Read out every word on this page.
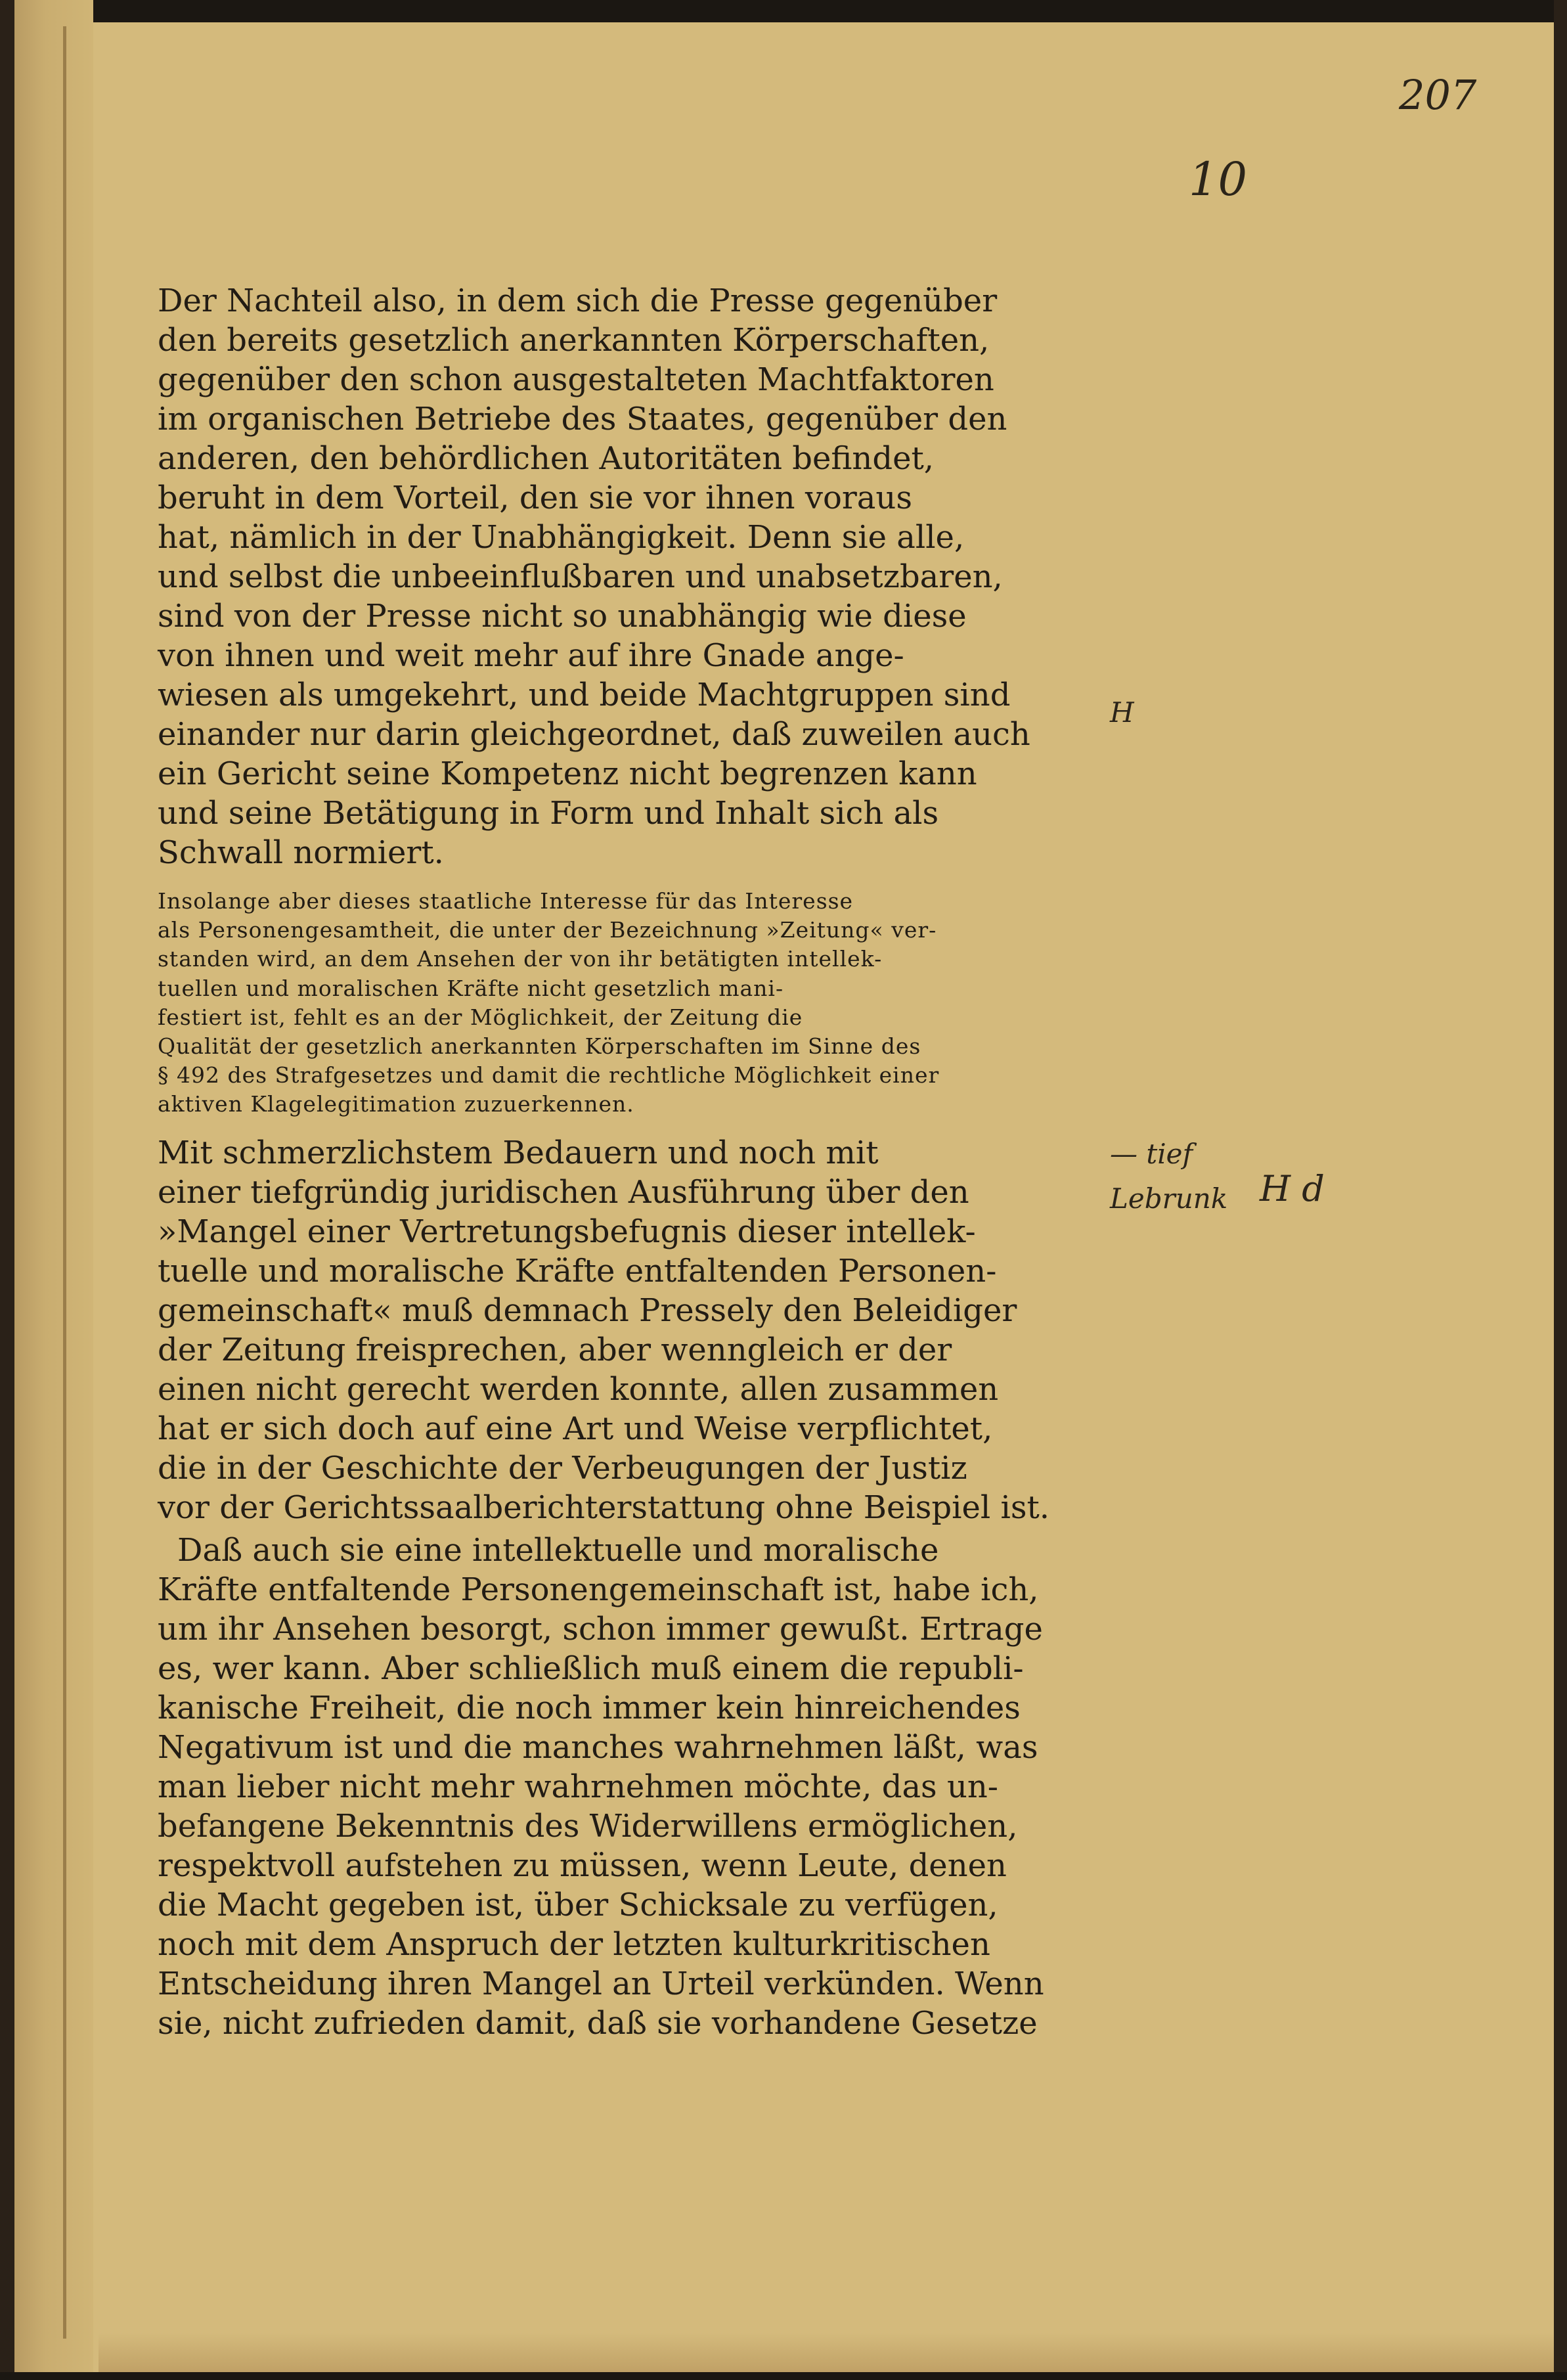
207
10
H
— tief
Lebrunk H d
Der Nachteil also, in dem sich die Presse gegenüber
den bereits gesetzlich anerkannten Körperschaften,
gegenüber den schon ausgestalteten Machtfaktoren
im organischen Betriebe des Staates, gegenüber den
anderen, den behördlichen Autoritäten befindet,
beruht in dem Vorteil, den sie vor ihnen voraus
hat, nämlich in der Unabhängigkeit. Denn sie alle,
und selbst die unbeeinflußbaren und unabsetzbaren,
sind von der Presse nicht so unabhängig wie diese
von ihnen und weit mehr auf ihre Gnade ange-
wiesen als umgekehrt, und beide Machtgruppen sind
einander nur darin gleichgeordnet, daß zuweilen auch
ein Gericht seine Kompetenz nicht begrenzen kann
und seine Betätigung in Form und Inhalt sich als
Schwall normiert.
Insolange aber dieses staatliche Interesse für das Interesse
als Personengesamtheit, die unter der Bezeichnung »Zeitung« ver-
standen wird, an dem Ansehen der von ihr betätigten intellek-
tuellen und moralischen Kräfte nicht gesetzlich mani-
festiert ist, fehlt es an der Möglichkeit, der Zeitung die
Qualität der gesetzlich anerkannten Körperschaften im Sinne des
§ 492 des Strafgesetzes und damit die rechtliche Möglichkeit einer
aktiven Klagelegitimation zuzuerkennen.
Mit schmerzlichstem Bedauern und noch mit
einer tiefgründig juridischen Ausführung über den
»Mangel einer Vertretungsbefugnis dieser intellek-
tuelle und moralische Kräfte entfaltenden Personen-
gemeinschaft« muß demnach Pressely den Beleidiger
der Zeitung freisprechen, aber wenngleich er der
einen nicht gerecht werden konnte, allen zusammen
hat er sich doch auf eine Art und Weise verpflichtet,
die in der Geschichte der Verbeugungen der Justiz
vor der Gerichtssaalberichterstattung ohne Beispiel ist.
Daß auch sie eine intellektuelle und moralische
Kräfte entfaltende Personengemeinschaft ist, habe ich,
um ihr Ansehen besorgt, schon immer gewußt. Ertrage
es, wer kann. Aber schließlich muß einem die republi-
kanische Freiheit, die noch immer kein hinreichendes
Negativum ist und die manches wahrnehmen läßt, was
man lieber nicht mehr wahrnehmen möchte, das un-
befangene Bekenntnis des Widerwillens ermöglichen,
respektvoll aufstehen zu müssen, wenn Leute, denen
die Macht gegeben ist, über Schicksale zu verfügen,
noch mit dem Anspruch der letzten kulturkritischen
Entscheidung ihren Mangel an Urteil verkünden. Wenn
sie, nicht zufrieden damit, daß sie vorhandene Gesetze
